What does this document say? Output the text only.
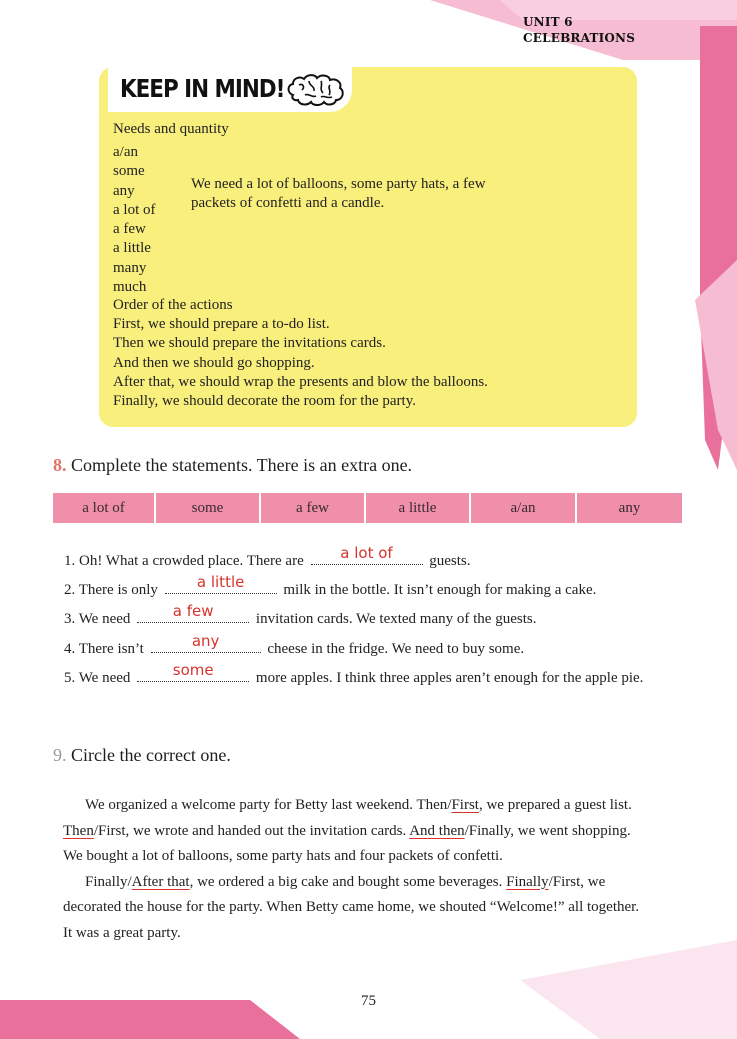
UNIT 6
CELEBRATIONS
KEEP IN MIND!
Needs and quantity
a/an
some
any
a lot of
a few
a little
many
much
We need a lot of balloons, some party hats, a few
packets of confetti and a candle.
Order of the actions
First, we should prepare a to-do list.
Then we should prepare the invitations cards.
And then we should go shopping.
After that, we should wrap the presents and blow the balloons.
Finally, we should decorate the room for the party.
8. Complete the statements. There is an extra one.
a lot of	some	a few	a little	a/an	any
1. Oh! What a crowded place. There are	a lot of	guests.
2. There is only	a little	milk in the bottle. It isn’t enough for making a cake.
3. We need	a few	invitation cards. We texted many of the guests.
4. There isn’t	any	cheese in the fridge. We need to buy some.
5. We need	some	more apples. I think three apples aren’t enough for the apple pie.
9. Circle the correct one.
We organized a welcome party for Betty last weekend. Then/First, we prepared a guest list.
Then/First, we wrote and handed out the invitation cards. And then/Finally, we went shopping.
We bought a lot of balloons, some party hats and four packets of confetti.
Finally/After that, we ordered a big cake and bought some beverages. Finally/First, we
decorated the house for the party. When Betty came home, we shouted “Welcome!” all together.
It was a great party.
75
